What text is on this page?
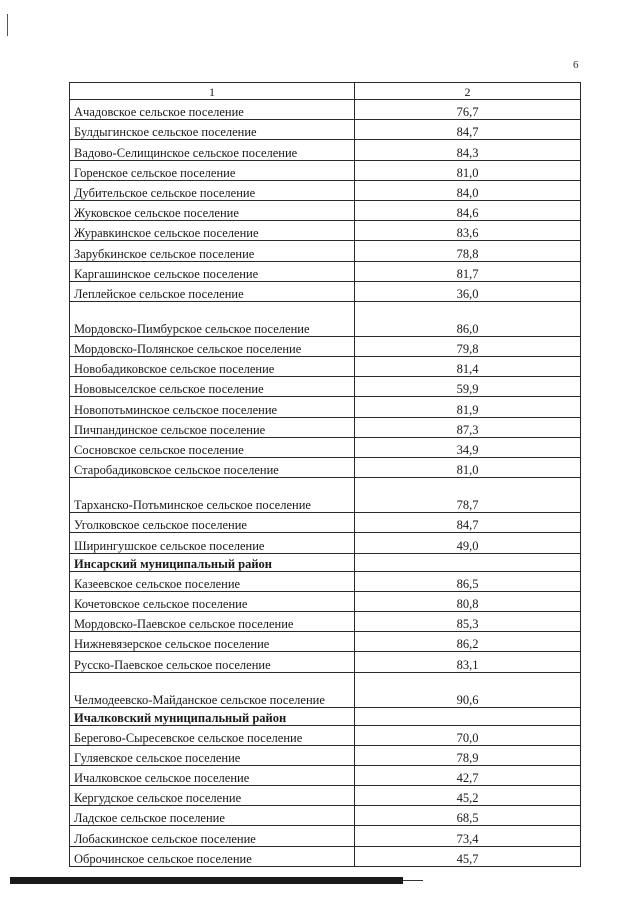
6
1	2
Ачадовское сельское поселение	76,7
Булдыгинское сельское поселение	84,7
Вадово-Селищинское сельское поселение	84,3
Горенское сельское поселение	81,0
Дубительское сельское поселение	84,0
Жуковское сельское поселение	84,6
Журавкинское сельское поселение	83,6
Зарубкинское сельское поселение	78,8
Каргашинское сельское поселение	81,7
Леплейское сельское поселение	36,0
Мордовско-Пимбурское сельское поселение	86,0
Мордовско-Полянское сельское поселение	79,8
Новобадиковское сельское поселение	81,4
Нововыселское сельское поселение	59,9
Новопотьминское сельское поселение	81,9
Пичпандинское сельское поселение	87,3
Сосновское сельское поселение	34,9
Старобадиковское сельское поселение	81,0
Тарханско-Потьминское сельское поселение	78,7
Уголковское сельское поселение	84,7
Ширингушское сельское поселение	49,0
Инсарский муниципальный район	
Казеевское сельское поселение	86,5
Кочетовское сельское поселение	80,8
Мордовско-Паевское сельское поселение	85,3
Нижневязерское сельское поселение	86,2
Русско-Паевское сельское поселение	83,1
Челмодеевско-Майданское сельское поселение	90,6
Ичалковский муниципальный район	
Берегово-Сыресевское сельское поселение	70,0
Гуляевское сельское поселение	78,9
Ичалковское сельское поселение	42,7
Кергудское сельское поселение	45,2
Ладское сельское поселение	68,5
Лобаскинское сельское поселение	73,4
Оброчинское сельское поселение	45,7
